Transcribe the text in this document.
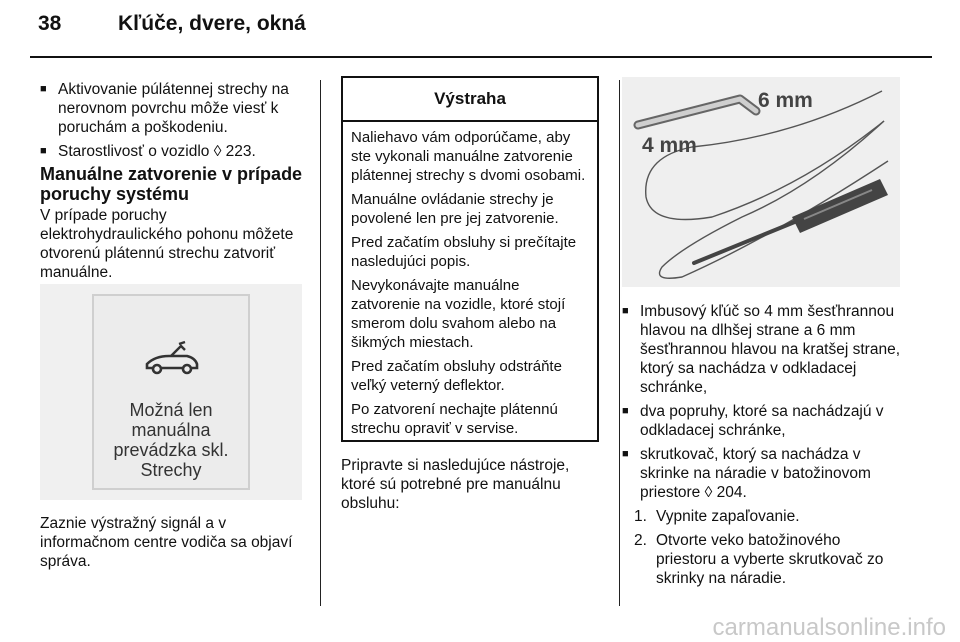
38	Kľúče, dvere, okná
■ Aktivovanie púlátennej strechy na nerovnom povrchu môže viesť k poruchám a poškodeniu.
■ Starostlivosť o vozidlo ◊ 223.
Manuálne zatvorenie v prípade poruchy systému
V prípade poruchy elektrohydraulického pohonu môžete otvorenú plátennú strechu zatvoriť manuálne.
Možná len manuálna prevádzka skl. Strechy
Zaznie výstražný signál a v informačnom centre vodiča sa objaví správa.
Výstraha

Naliehavo vám odporúčame, aby ste vykonali manuálne zatvorenie plátennej strechy s dvomi osobami.

Manuálne ovládanie strechy je povolené len pre jej zatvorenie.

Pred začatím obsluhy si prečítajte nasledujúci popis.

Nevykonávajte manuálne zatvorenie na vozidle, ktoré stojí smerom dolu svahom alebo na šikmých miestach.

Pred začatím obsluhy odstráňte veľký veterný deflektor.

Po zatvorení nechajte plátennú strechu opraviť v servise.

Pripravte si nasledujúce nástroje, ktoré sú potrebné pre manuálnu obsluhu:
6 mm
4 mm
■ Imbusový kľúč so 4 mm šesťhrannou hlavou na dlhšej strane a 6 mm šesťhrannou hlavou na kratšej strane, ktorý sa nachádza v odkladacej schránke,
■ dva popruhy, ktoré sa nachádzajú v odkladacej schránke,
■ skrutkovač, ktorý sa nachádza v skrinke na náradie v batožinovom priestore ◊ 204.
1. Vypnite zapaľovanie.
2. Otvorte veko batožinového priestoru a vyberte skrutkovač zo skrinky na náradie.
carmanualsonline.info
